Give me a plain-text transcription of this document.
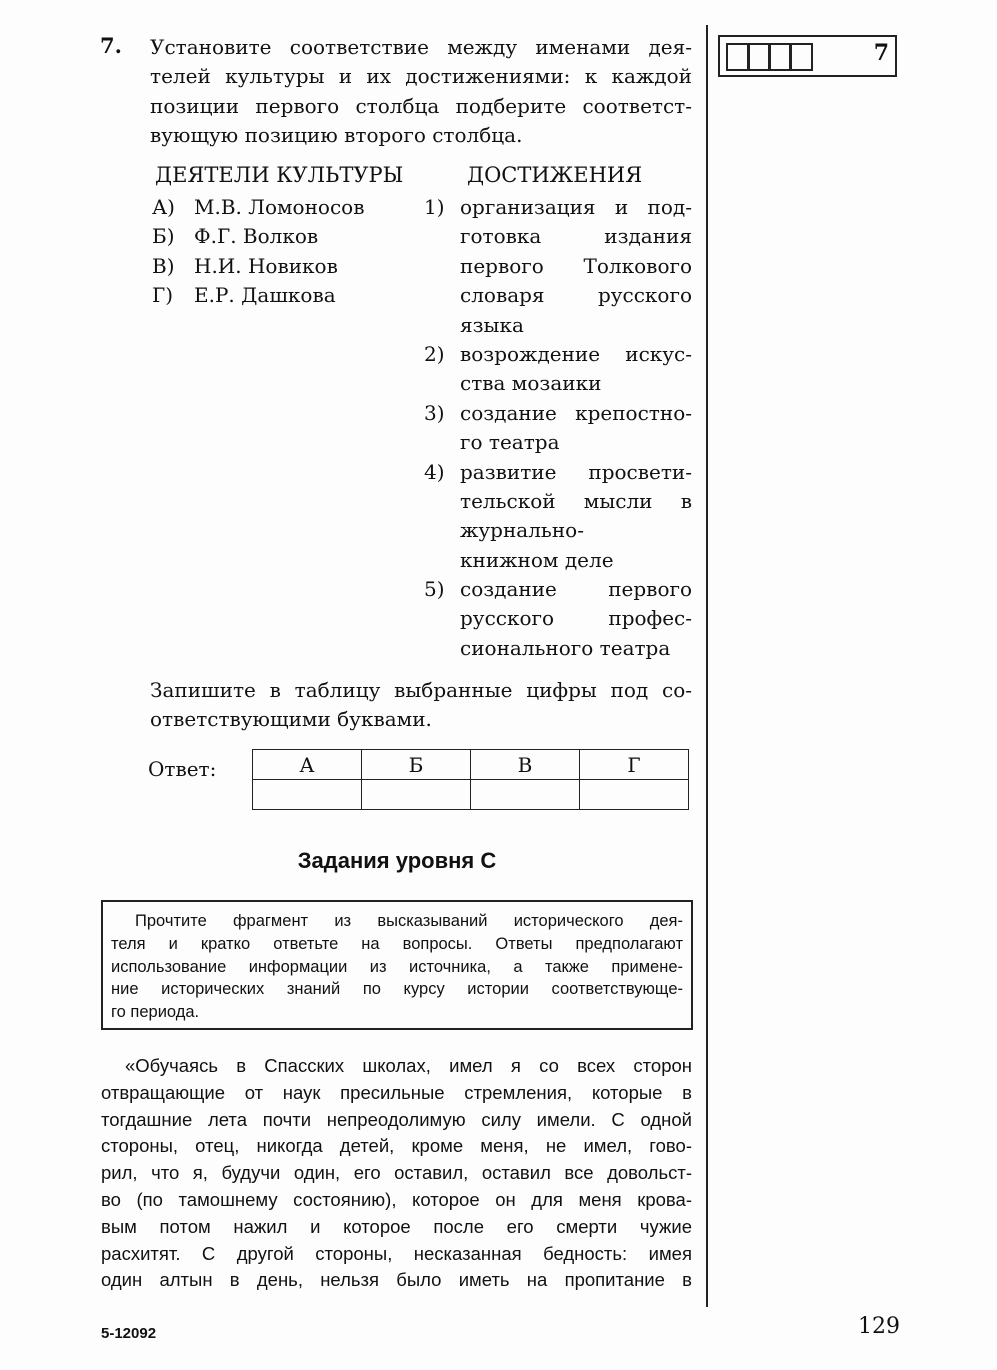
7
7. Установите соответствие между именами дея-
телей культуры и их достижениями: к каждой
позиции первого столбца подберите соответст-
вующую позицию второго столбца.
ДЕЯТЕЛИ КУЛЬТУРЫ	ДОСТИЖЕНИЯ
А) М.В. Ломоносов
Б) Ф.Г. Волков
В) Н.И. Новиков
Г) Е.Р. Дашкова
1) организация и под-
готовка издания
первого Толкового
словаря русского
языка
2) возрождение искус-
ства мозаики
3) создание крепостно-
го театра
4) развитие просвети-
тельской мысли в
журнально-
книжном деле
5) создание первого
русского профес-
сионального театра
Запишите в таблицу выбранные цифры под со-
ответствующими буквами.
Ответ:	А	Б	В	Г

Задания уровня С
Прочтите фрагмент из высказываний исторического дея-
теля и кратко ответьте на вопросы. Ответы предполагают
использование информации из источника, а также примене-
ние исторических знаний по курсу истории соответствующе-
го периода.
«Обучаясь в Спасских школах, имел я со всех сторон
отвращающие от наук пресильные стремления, которые в
тогдашние лета почти непреодолимую силу имели. С одной
стороны, отец, никогда детей, кроме меня, не имел, гово-
рил, что я, будучи один, его оставил, оставил все довольст-
во (по тамошнему состоянию), которое он для меня крова-
вым потом нажил и которое после его смерти чужие
расхитят. С другой стороны, несказанная бедность: имея
один алтын в день, нельзя было иметь на пропитание в
5-12092	129
